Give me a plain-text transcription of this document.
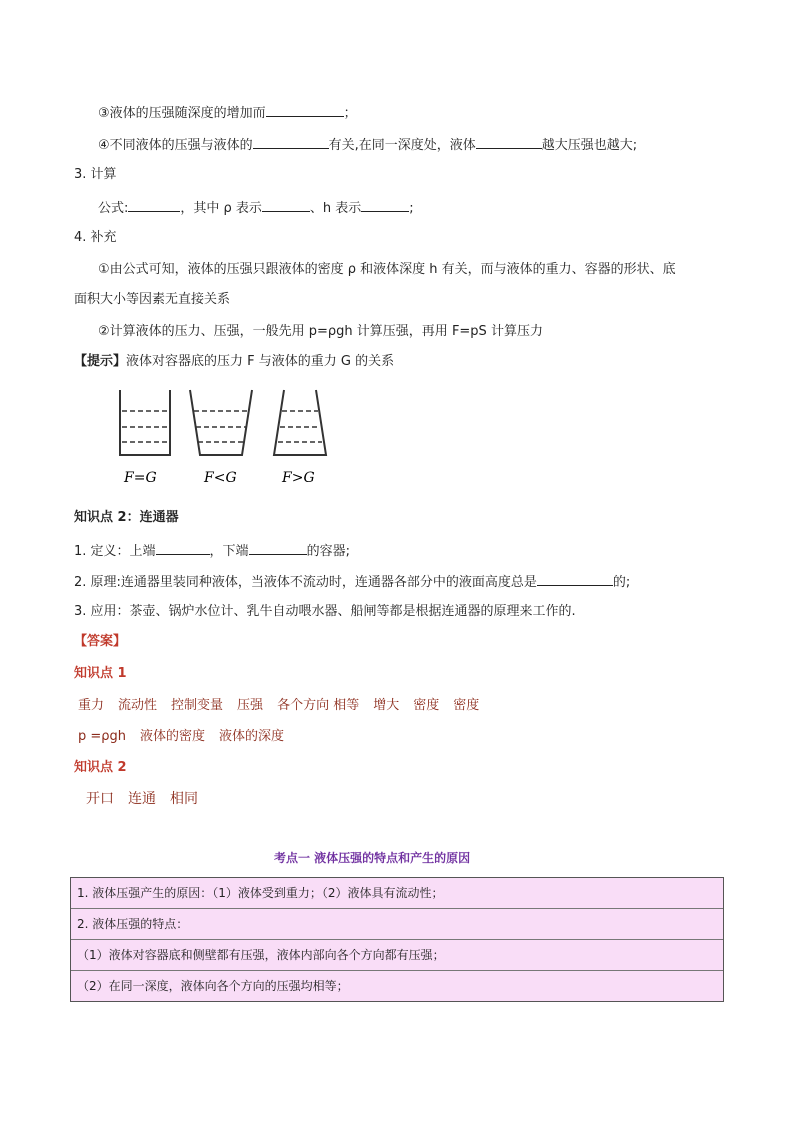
③液体的压强随深度的增加而	；
④不同液体的压强与液体的	有关,在同一深度处，液体	越大压强也越大;
3. 计算
公式:	，其中 ρ 表示	、h 表示	;
4. 补充
①由公式可知，液体的压强只跟液体的密度 ρ 和液体深度 h 有关，而与液体的重力、容器的形状、底
面积大小等因素无直接关系
②计算液体的压力、压强，一般先用 p=ρgh 计算压强，再用 F=pS 计算压力
【提示】液体对容器底的压力 F 与液体的重力 G 的关系
F=G	F<G	F>G
知识点 2：连通器
1. 定义：上端	，下端	的容器;
2. 原理:连通器里装同种液体，当液体不流动时，连通器各部分中的液面高度总是	的;
3. 应用：茶壶、锅炉水位计、乳牛自动喂水器、船闸等都是根据连通器的原理来工作的.
【答案】
知识点 1
重力 流动性 控制变量 压强 各个方向 相等 增大 密度 密度
p =ρgh 液体的密度 液体的深度
知识点 2
开口 连通 相同
考点一 液体压强的特点和产生的原因
1. 液体压强产生的原因：（1）液体受到重力；（2）液体具有流动性；
2. 液体压强的特点：
（1）液体对容器底和侧壁都有压强，液体内部向各个方向都有压强；
（2）在同一深度，液体向各个方向的压强均相等；
